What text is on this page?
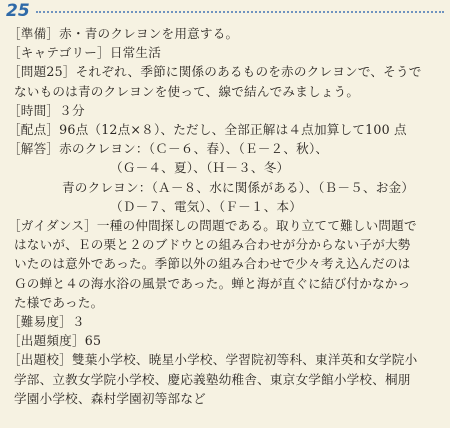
25
［準備］赤・青のクレヨンを用意する。
［キャテゴリー］日常生活
［問題25］それぞれ、季節に関係のあるものを赤のクレヨンで、そうで
ないものは青のクレヨンを使って、線で結んでみましょう。
［時間］３分
［配点］96点（12点×８）、ただし、全部正解は４点加算して100 点
［解答］赤のクレヨン：（Ｃ－６、春）、（Ｅ－２、秋）、
（Ｇ－４、夏）、（Ｈ－３、冬）
青のクレヨン：（Ａ－８、水に関係がある）、（Ｂ－５、お金）
（Ｄ－７、電気）、（Ｆ－１、本）
［ガイダンス］一種の仲間探しの問題である。取り立てて難しい問題で
はないが、Ｅの栗と２のブドウとの組み合わせが分からない子が大勢
いたのは意外であった。季節以外の組み合わせで少々考え込んだのは
Ｇの蝉と４の海水浴の風景であった。蝉と海が直ぐに結び付かなかっ
た様であった。
［難易度］３
［出題頻度］65
［出題校］雙葉小学校、暁星小学校、学習院初等科、東洋英和女学院小
学部、立教女学院小学校、慶応義塾幼稚舎、東京女学館小学校、桐朋
学園小学校、森村学園初等部など
